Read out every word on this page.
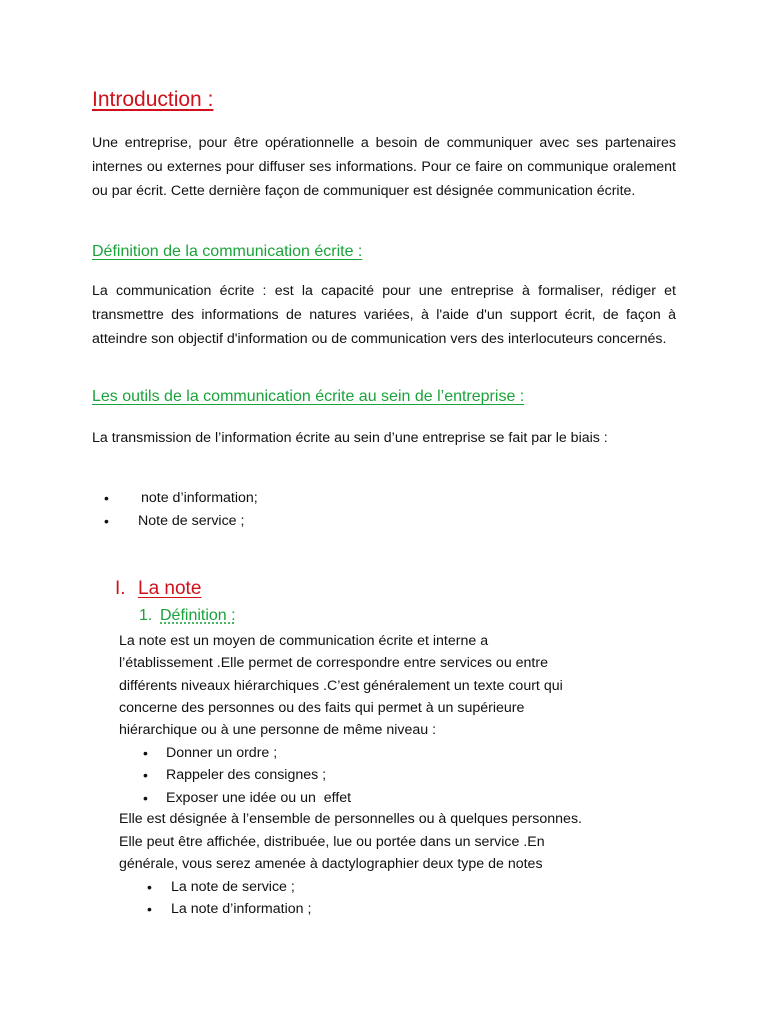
Introduction :
Une entreprise, pour être opérationnelle a besoin de communiquer avec ses partenaires internes ou externes pour diffuser ses informations. Pour ce faire on communique oralement ou par écrit. Cette dernière façon de communiquer est désignée communication écrite.
Définition de la communication écrite :
La communication écrite : est la capacité pour une entreprise à formaliser, rédiger et transmettre des informations de natures variées, à l'aide d'un support écrit, de façon à atteindre son objectif d'information ou de communication vers des interlocuteurs concernés.
Les outils de la communication écrite au sein de l’entreprise :
La transmission de l’information écrite au sein d’une entreprise se fait par le biais :
• note d’information;
• Note de service ;
I. La note
1. Définition :
La note est un moyen de communication écrite et interne a
l’établissement .Elle permet de correspondre entre services ou entre
différents niveaux hiérarchiques .C’est généralement un texte court qui
concerne des personnes ou des faits qui permet à un supérieure
hiérarchique ou à une personne de même niveau :
• Donner un ordre ;
• Rappeler des consignes ;
• Exposer une idée ou un  effet
Elle est désignée à l’ensemble de personnelles ou à quelques personnes.
Elle peut être affichée, distribuée, lue ou portée dans un service .En
générale, vous serez amenée à dactylographier deux type de notes
• La note de service ;
• La note d’information ;
